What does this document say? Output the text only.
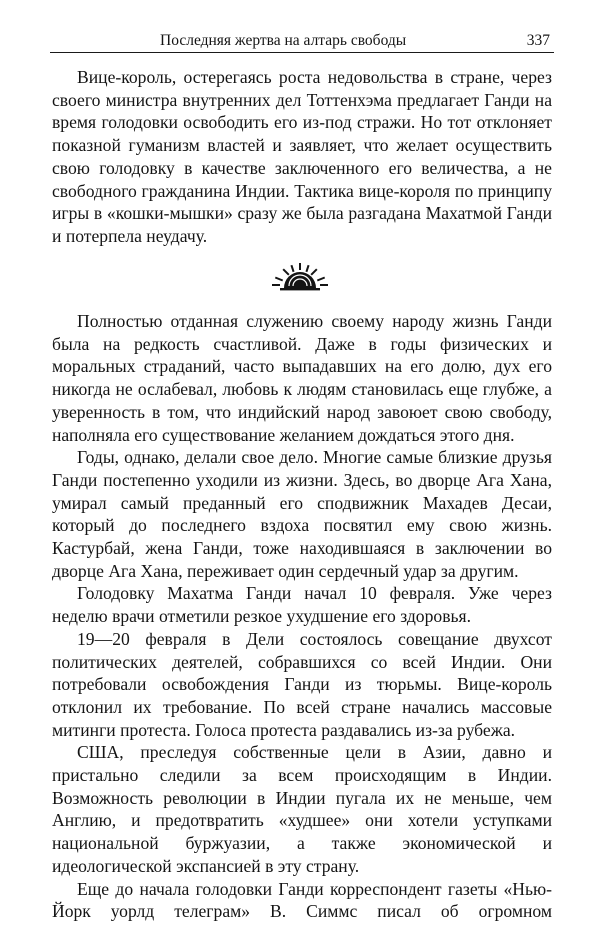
Последняя жертва на алтарь свободы	337

Вице-король, остерегаясь роста недовольства в стране, через своего министра внутренних дел Тоттенхэма предлагает Ганди на время голодовки освободить его из-под стражи. Но тот отклоняет показной гуманизм властей и заявляет, что желает осуществить свою голодовку в качестве заключенного его величества, а не свободного гражданина Индии. Тактика вице-короля по принципу игры в «кошки-мышки» сразу же была разгадана Махатмой Ганди и потерпела неудачу.

Полностью отданная служению своему народу жизнь Ганди была на редкость счастливой. Даже в годы физических и моральных страданий, часто выпадавших на его долю, дух его никогда не ослабевал, любовь к людям становилась еще глубже, а уверенность в том, что индийский народ завоюет свою свободу, наполняла его существование желанием дождаться этого дня.

Годы, однако, делали свое дело. Многие самые близкие друзья Ганди постепенно уходили из жизни. Здесь, во дворце Ага Хана, умирал самый преданный его сподвижник Махадев Десаи, который до последнего вздоха посвятил ему свою жизнь. Кастурбай, жена Ганди, тоже находившаяся в заключении во дворце Ага Хана, переживает один сердечный удар за другим.

Голодовку Махатма Ганди начал 10 февраля. Уже через неделю врачи отметили резкое ухудшение его здоровья.

19—20 февраля в Дели состоялось совещание двухсот политических деятелей, собравшихся со всей Индии. Они потребовали освобождения Ганди из тюрьмы. Вице-король отклонил их требование. По всей стране начались массовые митинги протеста. Голоса протеста раздавались из-за рубежа.

США, преследуя собственные цели в Азии, давно и пристально следили за всем происходящим в Индии. Возможность революции в Индии пугала их не меньше, чем Англию, и предотвратить «худшее» они хотели уступками национальной буржуазии, а также экономической и идеологической экспансией в эту страну.

Еще до начала голодовки Ганди корреспондент газеты «Нью-Йорк уорлд телеграм» В. Симмс писал об огромном
